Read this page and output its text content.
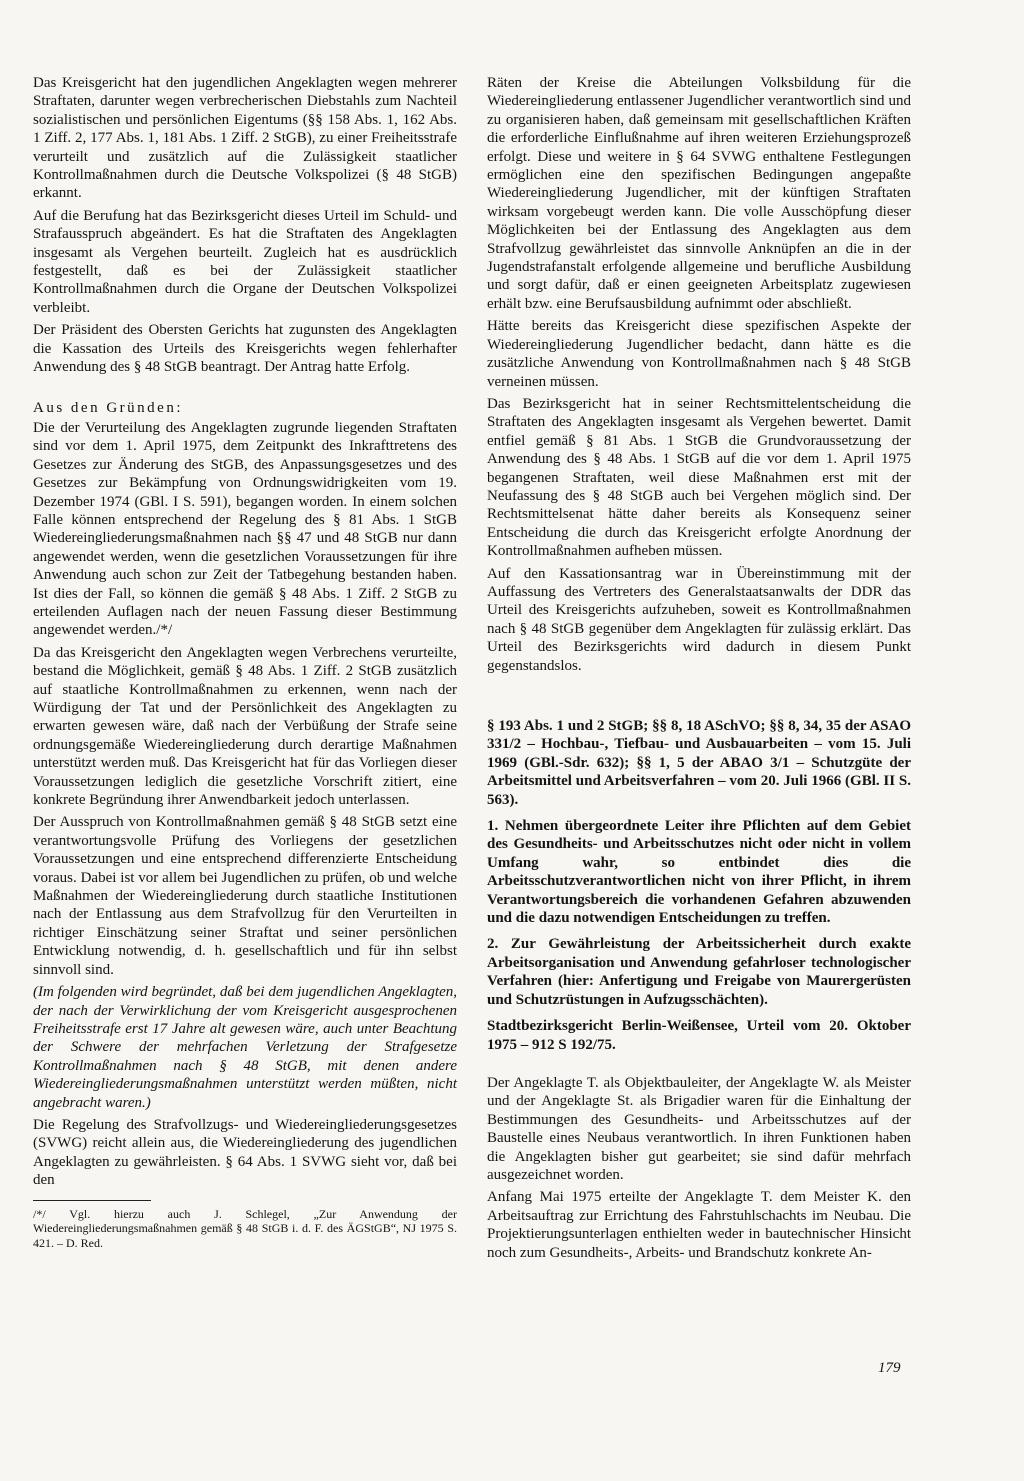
Das Kreisgericht hat den jugendlichen Angeklagten wegen mehrerer Straftaten, darunter wegen verbrecherischen Diebstahls zum Nachteil sozialistischen und persönlichen Eigentums (§§ 158 Abs. 1, 162 Abs. 1 Ziff. 2, 177 Abs. 1, 181 Abs. 1 Ziff. 2 StGB), zu einer Freiheitsstrafe verurteilt und zusätzlich auf die Zulässigkeit staatlicher Kontrollmaßnahmen durch die Deutsche Volkspolizei (§ 48 StGB) erkannt.

Auf die Berufung hat das Bezirksgericht dieses Urteil im Schuld- und Strafausspruch abgeändert. Es hat die Straftaten des Angeklagten insgesamt als Vergehen beurteilt. Zugleich hat es ausdrücklich festgestellt, daß es bei der Zulässigkeit staatlicher Kontrollmaßnahmen durch die Organe der Deutschen Volkspolizei verbleibt.

Der Präsident des Obersten Gerichts hat zugunsten des Angeklagten die Kassation des Urteils des Kreisgerichts wegen fehlerhafter Anwendung des § 48 StGB beantragt. Der Antrag hatte Erfolg.

Aus den Gründen:

Die der Verurteilung des Angeklagten zugrunde liegenden Straftaten sind vor dem 1. April 1975, dem Zeitpunkt des Inkrafttretens des Gesetzes zur Änderung des StGB, des Anpassungsgesetzes und des Gesetzes zur Bekämpfung von Ordnungswidrigkeiten vom 19. Dezember 1974 (GBl. I S. 591), begangen worden. In einem solchen Falle können entsprechend der Regelung des § 81 Abs. 1 StGB Wiedereingliederungsmaßnahmen nach §§ 47 und 48 StGB nur dann angewendet werden, wenn die gesetzlichen Voraussetzungen für ihre Anwendung auch schon zur Zeit der Tatbegehung bestanden haben. Ist dies der Fall, so können die gemäß § 48 Abs. 1 Ziff. 2 StGB zu erteilenden Auflagen nach der neuen Fassung dieser Bestimmung angewendet werden./*/

Da das Kreisgericht den Angeklagten wegen Verbrechens verurteilte, bestand die Möglichkeit, gemäß § 48 Abs. 1 Ziff. 2 StGB zusätzlich auf staatliche Kontrollmaßnahmen zu erkennen, wenn nach der Würdigung der Tat und der Persönlichkeit des Angeklagten zu erwarten gewesen wäre, daß nach der Verbüßung der Strafe seine ordnungsgemäße Wiedereingliederung durch derartige Maßnahmen unterstützt werden muß. Das Kreisgericht hat für das Vorliegen dieser Voraussetzungen lediglich die gesetzliche Vorschrift zitiert, eine konkrete Begründung ihrer Anwendbarkeit jedoch unterlassen.

Der Ausspruch von Kontrollmaßnahmen gemäß § 48 StGB setzt eine verantwortungsvolle Prüfung des Vorliegens der gesetzlichen Voraussetzungen und eine entsprechend differenzierte Entscheidung voraus. Dabei ist vor allem bei Jugendlichen zu prüfen, ob und welche Maßnahmen der Wiedereingliederung durch staatliche Institutionen nach der Entlassung aus dem Strafvollzug für den Verurteilten in richtiger Einschätzung seiner Straftat und seiner persönlichen Entwicklung notwendig, d. h. gesellschaftlich und für ihn selbst sinnvoll sind.

(Im folgenden wird begründet, daß bei dem jugendlichen Angeklagten, der nach der Verwirklichung der vom Kreisgericht ausgesprochenen Freiheitsstrafe erst 17 Jahre alt gewesen wäre, auch unter Beachtung der Schwere der mehrfachen Verletzung der Strafgesetze Kontrollmaßnahmen nach § 48 StGB, mit denen andere Wiedereingliederungsmaßnahmen unterstützt werden müßten, nicht angebracht waren.)

Die Regelung des Strafvollzugs- und Wiedereingliederungsgesetzes (SVWG) reicht allein aus, die Wiedereingliederung des jugendlichen Angeklagten zu gewährleisten. § 64 Abs. 1 SVWG sieht vor, daß bei den

/*/ Vgl. hierzu auch J. Schlegel, „Zur Anwendung der Wiedereingliederungsmaßnahmen gemäß § 48 StGB i. d. F. des ÄGStGB“, NJ 1975 S. 421. – D. Red.

Räten der Kreise die Abteilungen Volksbildung für die Wiedereingliederung entlassener Jugendlicher verantwortlich sind und zu organisieren haben, daß gemeinsam mit gesellschaftlichen Kräften die erforderliche Einflußnahme auf ihren weiteren Erziehungsprozeß erfolgt. Diese und weitere in § 64 SVWG enthaltene Festlegungen ermöglichen eine den spezifischen Bedingungen angepaßte Wiedereingliederung Jugendlicher, mit der künftigen Straftaten wirksam vorgebeugt werden kann. Die volle Ausschöpfung dieser Möglichkeiten bei der Entlassung des Angeklagten aus dem Strafvollzug gewährleistet das sinnvolle Anknüpfen an die in der Jugendstrafanstalt erfolgende allgemeine und berufliche Ausbildung und sorgt dafür, daß er einen geeigneten Arbeitsplatz zugewiesen erhält bzw. eine Berufsausbildung aufnimmt oder abschließt.

Hätte bereits das Kreisgericht diese spezifischen Aspekte der Wiedereingliederung Jugendlicher bedacht, dann hätte es die zusätzliche Anwendung von Kontrollmaßnahmen nach § 48 StGB verneinen müssen.

Das Bezirksgericht hat in seiner Rechtsmittelentscheidung die Straftaten des Angeklagten insgesamt als Vergehen bewertet. Damit entfiel gemäß § 81 Abs. 1 StGB die Grundvoraussetzung der Anwendung des § 48 Abs. 1 StGB auf die vor dem 1. April 1975 begangenen Straftaten, weil diese Maßnahmen erst mit der Neufassung des § 48 StGB auch bei Vergehen möglich sind. Der Rechtsmittelsenat hätte daher bereits als Konsequenz seiner Entscheidung die durch das Kreisgericht erfolgte Anordnung der Kontrollmaßnahmen aufheben müssen.

Auf den Kassationsantrag war in Übereinstimmung mit der Auffassung des Vertreters des Generalstaatsanwalts der DDR das Urteil des Kreisgerichts aufzuheben, soweit es Kontrollmaßnahmen nach § 48 StGB gegenüber dem Angeklagten für zulässig erklärt. Das Urteil des Bezirksgerichts wird dadurch in diesem Punkt gegenstandslos.

§ 193 Abs. 1 und 2 StGB; §§ 8, 18 ASchVO; §§ 8, 34, 35 der ASAO 331/2 – Hochbau-, Tiefbau- und Ausbauarbeiten – vom 15. Juli 1969 (GBl.-Sdr. 632); §§ 1, 5 der ABAO 3/1 – Schutzgüte der Arbeitsmittel und Arbeitsverfahren – vom 20. Juli 1966 (GBl. II S. 563).

1. Nehmen übergeordnete Leiter ihre Pflichten auf dem Gebiet des Gesundheits- und Arbeitsschutzes nicht oder nicht in vollem Umfang wahr, so entbindet dies die Arbeitsschutzverantwortlichen nicht von ihrer Pflicht, in ihrem Verantwortungsbereich die vorhandenen Gefahren abzuwenden und die dazu notwendigen Entscheidungen zu treffen.

2. Zur Gewährleistung der Arbeitssicherheit durch exakte Arbeitsorganisation und Anwendung gefahrloser technologischer Verfahren (hier: Anfertigung und Freigabe von Maurergerüsten und Schutzrüstungen in Aufzugsschächten).

Stadtbezirksgericht Berlin-Weißensee, Urteil vom 20. Oktober 1975 – 912 S 192/75.

Der Angeklagte T. als Objektbauleiter, der Angeklagte W. als Meister und der Angeklagte St. als Brigadier waren für die Einhaltung der Bestimmungen des Gesundheits- und Arbeitsschutzes auf der Baustelle eines Neubaus verantwortlich. In ihren Funktionen haben die Angeklagten bisher gut gearbeitet; sie sind dafür mehrfach ausgezeichnet worden.

Anfang Mai 1975 erteilte der Angeklagte T. dem Meister K. den Arbeitsauftrag zur Errichtung des Fahrstuhlschachts im Neubau. Die Projektierungsunterlagen enthielten weder in bautechnischer Hinsicht noch zum Gesundheits-, Arbeits- und Brandschutz konkrete An-

179
